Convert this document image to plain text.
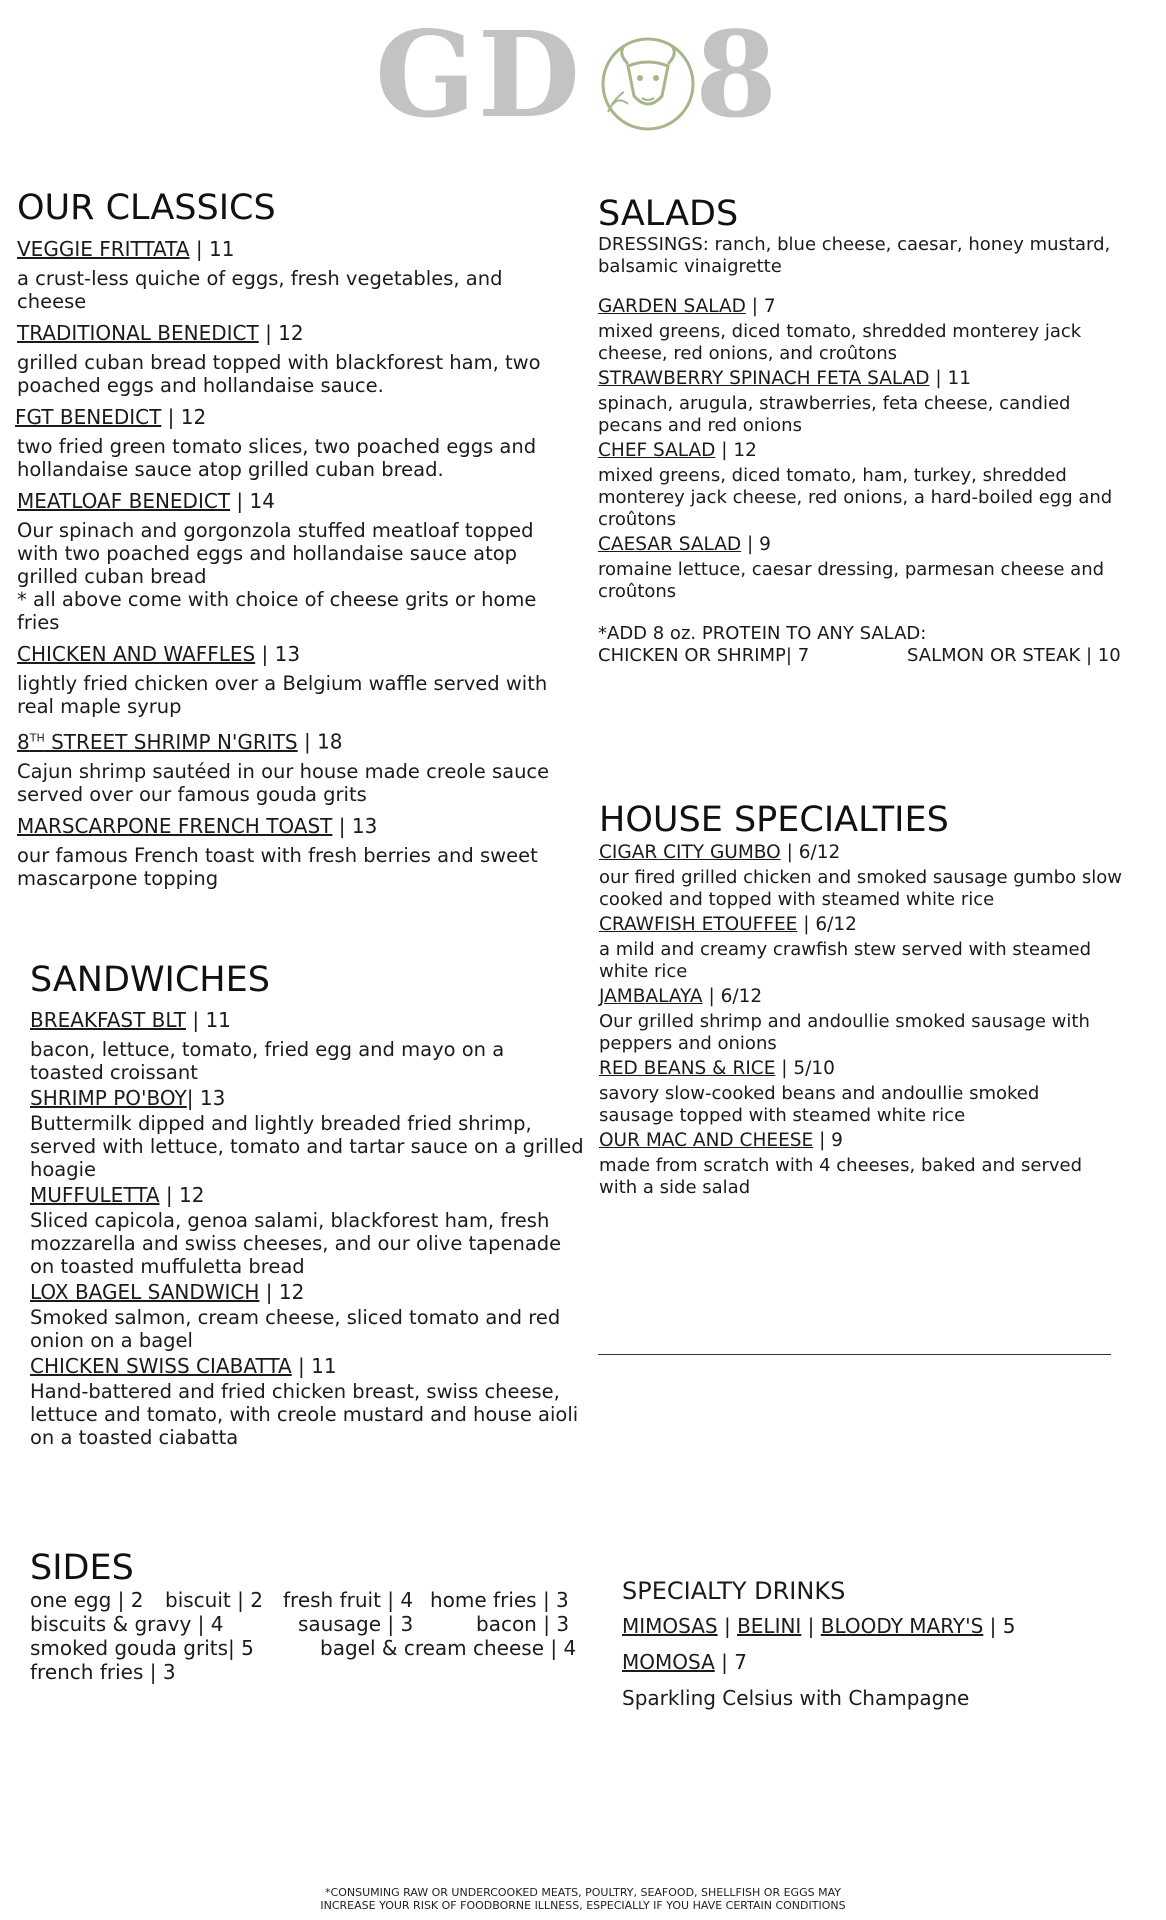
GD 8
OUR CLASSICS
VEGGIE FRITTATA | 11
a crust-less quiche of eggs, fresh vegetables, and cheese
TRADITIONAL BENEDICT | 12
grilled cuban bread topped with blackforest ham, two poached eggs and hollandaise sauce.
FGT BENEDICT | 12
two fried green tomato slices, two poached eggs and hollandaise sauce atop grilled cuban bread.
MEATLOAF BENEDICT | 14
Our spinach and gorgonzola stuffed meatloaf topped with two poached eggs and hollandaise sauce atop grilled cuban bread
* all above come with choice of cheese grits or home fries
CHICKEN AND WAFFLES | 13
lightly fried chicken over a Belgium waffle served with real maple syrup
8TH STREET SHRIMP N'GRITS | 18
Cajun shrimp sautéed in our house made creole sauce served over our famous gouda grits
MARSCARPONE FRENCH TOAST | 13
our famous French toast with fresh berries and sweet mascarpone topping
SALADS
DRESSINGS: ranch, blue cheese, caesar, honey mustard, balsamic vinaigrette
GARDEN SALAD | 7
mixed greens, diced tomato, shredded monterey jack cheese, red onions, and croûtons
STRAWBERRY SPINACH FETA SALAD | 11
spinach, arugula, strawberries, feta cheese, candied pecans and red onions
CHEF SALAD | 12
mixed greens, diced tomato, ham, turkey, shredded monterey jack cheese, red onions, a hard-boiled egg and croûtons
CAESAR SALAD | 9
romaine lettuce, caesar dressing, parmesan cheese and croûtons
*ADD 8 oz. PROTEIN TO ANY SALAD:
CHICKEN OR SHRIMP| 7	SALMON OR STEAK | 10
HOUSE SPECIALTIES
CIGAR CITY GUMBO | 6/12
our fired grilled chicken and smoked sausage gumbo slow cooked and topped with steamed white rice
CRAWFISH ETOUFFEE | 6/12
a mild and creamy crawfish stew served with steamed white rice
JAMBALAYA | 6/12
Our grilled shrimp and andoullie smoked sausage with peppers and onions
RED BEANS & RICE | 5/10
savory slow-cooked beans and andoullie smoked sausage topped with steamed white rice
OUR MAC AND CHEESE | 9
made from scratch with 4 cheeses, baked and served with a side salad
SANDWICHES
BREAKFAST BLT | 11
bacon, lettuce, tomato, fried egg and mayo on a toasted croissant
SHRIMP PO'BOY| 13
Buttermilk dipped and lightly breaded fried shrimp, served with lettuce, tomato and tartar sauce on a grilled hoagie
MUFFULETTA | 12
Sliced capicola, genoa salami, blackforest ham, fresh mozzarella and swiss cheeses, and our olive tapenade on toasted muffuletta bread
LOX BAGEL SANDWICH | 12
Smoked salmon, cream cheese, sliced tomato and red onion on a bagel
CHICKEN SWISS CIABATTA | 11
Hand-battered and fried chicken breast, swiss cheese, lettuce and tomato, with creole mustard and house aioli on a toasted ciabatta
SIDES
one egg | 2 biscuit | 2 fresh fruit | 4 home fries | 3
biscuits & gravy | 4	sausage | 3	bacon | 3
smoked gouda grits| 5	bagel & cream cheese | 4
french fries | 3
SPECIALTY DRINKS
MIMOSAS | BELINI | BLOODY MARY'S | 5
MOMOSA | 7
Sparkling Celsius with Champagne
*CONSUMING RAW OR UNDERCOOKED MEATS, POULTRY, SEAFOOD, SHELLFISH OR EGGS MAY
INCREASE YOUR RISK OF FOODBORNE ILLNESS, ESPECIALLY IF YOU HAVE CERTAIN CONDITIONS
